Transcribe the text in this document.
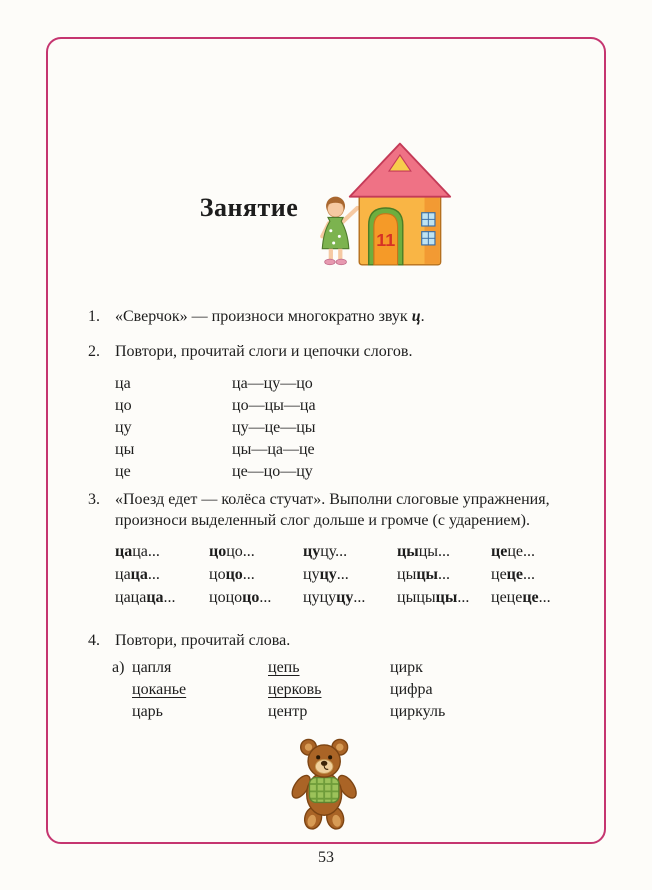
Занятие
11
1. «Сверчок» — произноси многократно звук ц.
2. Повтори, прочитай слоги и цепочки слогов.
ца	ца—цу—цо
цо	цо—цы—ца
цу	цу—це—цы
цы	цы—ца—це
це	це—цо—цу
3. «Поезд едет — колёса стучат». Выполни слоговые упражнения, произноси выделенный слог дольше и громче (с ударением).
цаца...	цоцо...	цуцу...	цыцы...	цеце...
цаца...	цоцо...	цуцу...	цыцы...	цеце...
цацаца...	цоцоцо...	цуцуцу...	цыцыцы...	цецеце...
4. Повтори, прочитай слова.
а) цапля	цепь	цирк
цоканье	церковь	цифра
царь	центр	циркуль
53
